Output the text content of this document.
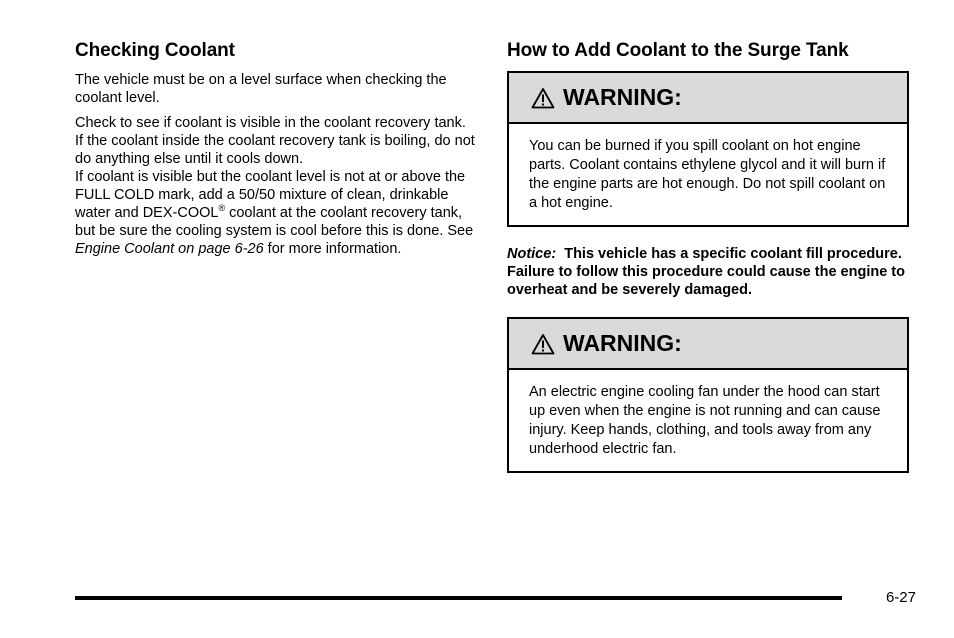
Checking Coolant

The vehicle must be on a level surface when checking the coolant level.

Check to see if coolant is visible in the coolant recovery tank. If the coolant inside the coolant recovery tank is boiling, do not do anything else until it cools down.

If coolant is visible but the coolant level is not at or above the FULL COLD mark, add a 50/50 mixture of clean, drinkable water and DEX-COOL® coolant at the coolant recovery tank, but be sure the cooling system is cool before this is done. See Engine Coolant on page 6-26 for more information.

How to Add Coolant to the Surge Tank
WARNING:
You can be burned if you spill coolant on hot engine parts. Coolant contains ethylene glycol and it will burn if the engine parts are hot enough. Do not spill coolant on a hot engine.

Notice: This vehicle has a specific coolant fill procedure. Failure to follow this procedure could cause the engine to overheat and be severely damaged.

WARNING:
An electric engine cooling fan under the hood can start up even when the engine is not running and can cause injury. Keep hands, clothing, and tools away from any underhood electric fan.
6-27
